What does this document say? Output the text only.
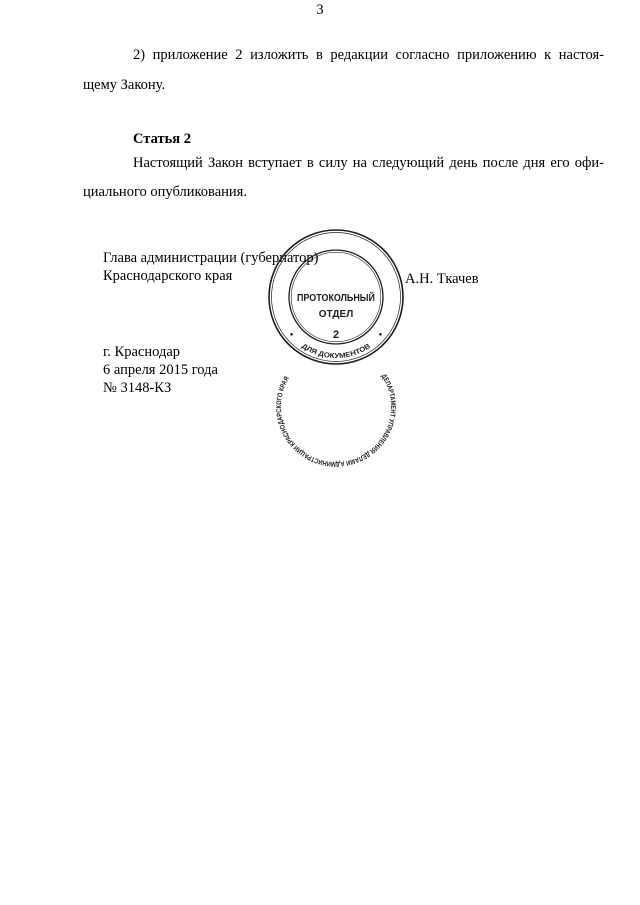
3
2) приложение 2 изложить в редакции согласно приложению к настоя-
щему Закону.
Статья 2
Настоящий Закон вступает в силу на следующий день после дня его офи-
циального опубликования.
Глава администрации (губернатор)
Краснодарского края	А.Н. Ткачев
г. Краснодар
6 апреля 2015 года
№ 3148-КЗ
ДЕПАРТАМЕНТ УПРАВЛЕНИЯ ДЕЛАМИ АДМИНИСТРАЦИИ КРАСНОДАРСКОГО КРАЯ
ДЛЯ ДОКУМЕНТОВ
ПРОТОКОЛЬНЫЙ
ОТДЕЛ
2
